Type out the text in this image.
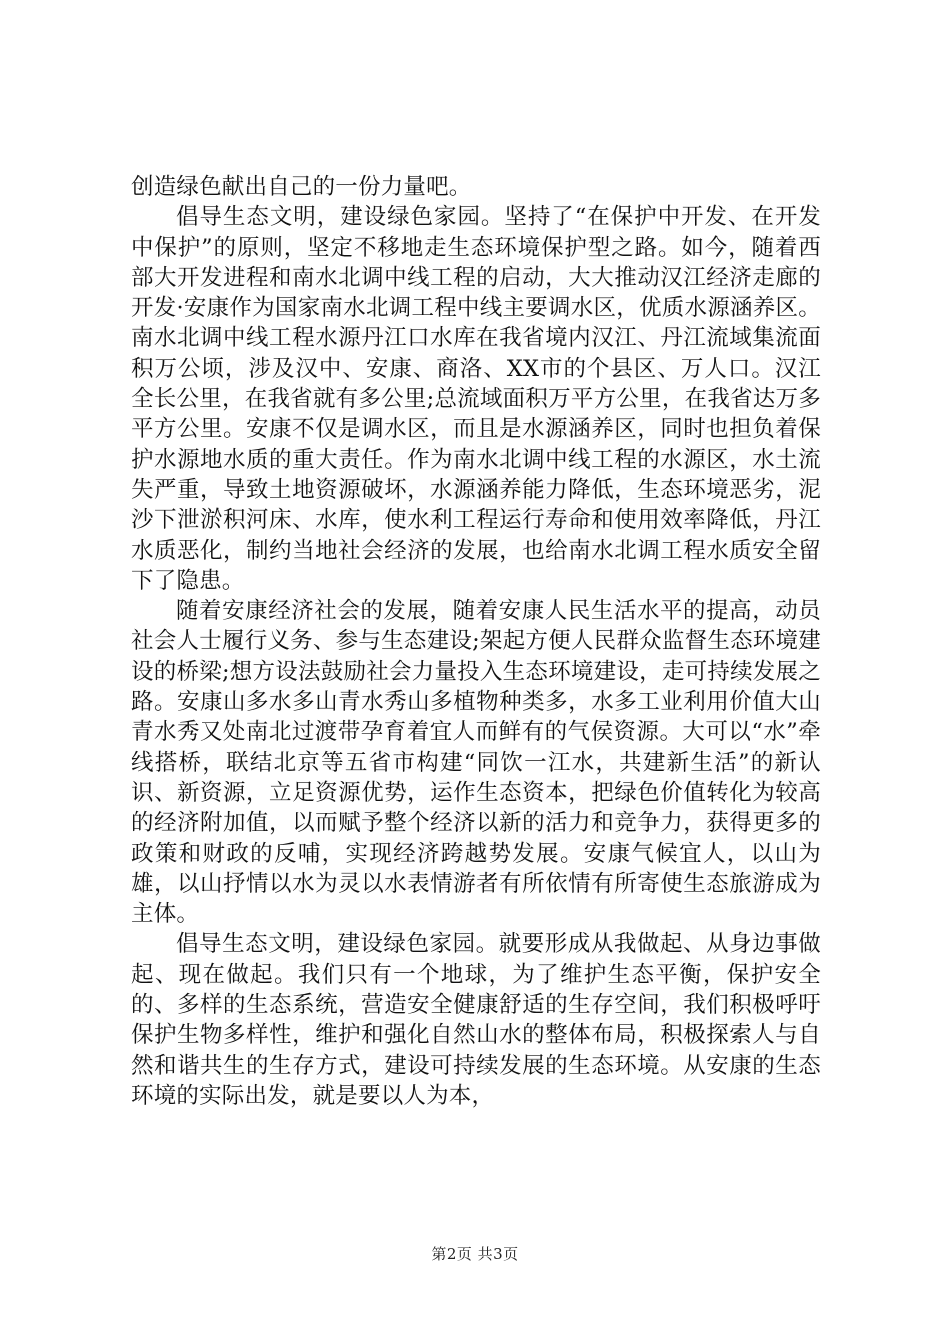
创造绿色献出自己的一份力量吧。

倡导生态文明，建设绿色家园。坚持了“在保护中开发、在开发中保护”的原则，坚定不移地走生态环境保护型之路。如今，随着西部大开发进程和南水北调中线工程的启动，大大推动汉江经济走廊的开发·安康作为国家南水北调工程中线主要调水区，优质水源涵养区。南水北调中线工程水源丹江口水库在我省境内汉江、丹江流域集流面积万公顷，涉及汉中、安康、商洛、XX市的个县区、万人口。汉江全长公里，在我省就有多公里;总流域面积万平方公里，在我省达万多平方公里。安康不仅是调水区，而且是水源涵养区，同时也担负着保护水源地水质的重大责任。作为南水北调中线工程的水源区，水土流失严重，导致土地资源破坏，水源涵养能力降低，生态环境恶劣，泥沙下泄淤积河床、水库，使水利工程运行寿命和使用效率降低，丹江水质恶化，制约当地社会经济的发展，也给南水北调工程水质安全留下了隐患。

随着安康经济社会的发展，随着安康人民生活水平的提高，动员社会人士履行义务、参与生态建设;架起方便人民群众监督生态环境建设的桥梁;想方设法鼓励社会力量投入生态环境建设，走可持续发展之路。安康山多水多山青水秀山多植物种类多，水多工业利用价值大山青水秀又处南北过渡带孕育着宜人而鲜有的气侯资源。大可以“水”牵线搭桥，联结北京等五省市构建“同饮一江水，共建新生活”的新认识、新资源，立足资源优势，运作生态资本，把绿色价值转化为较高的经济附加值，以而赋予整个经济以新的活力和竞争力，获得更多的政策和财政的反哺，实现经济跨越势发展。安康气候宜人，以山为雄，以山抒情以水为灵以水表情游者有所依情有所寄使生态旅游成为主体。

倡导生态文明，建设绿色家园。就要形成从我做起、从身边事做起、现在做起。我们只有一个地球，为了维护生态平衡，保护安全的、多样的生态系统，营造安全健康舒适的生存空间，我们积极呼吁保护生物多样性，维护和强化自然山水的整体布局，积极探索人与自然和谐共生的生存方式，建设可持续发展的生态环境。从安康的生态环境的实际出发，就是要以人为本，

第2页 共3页
